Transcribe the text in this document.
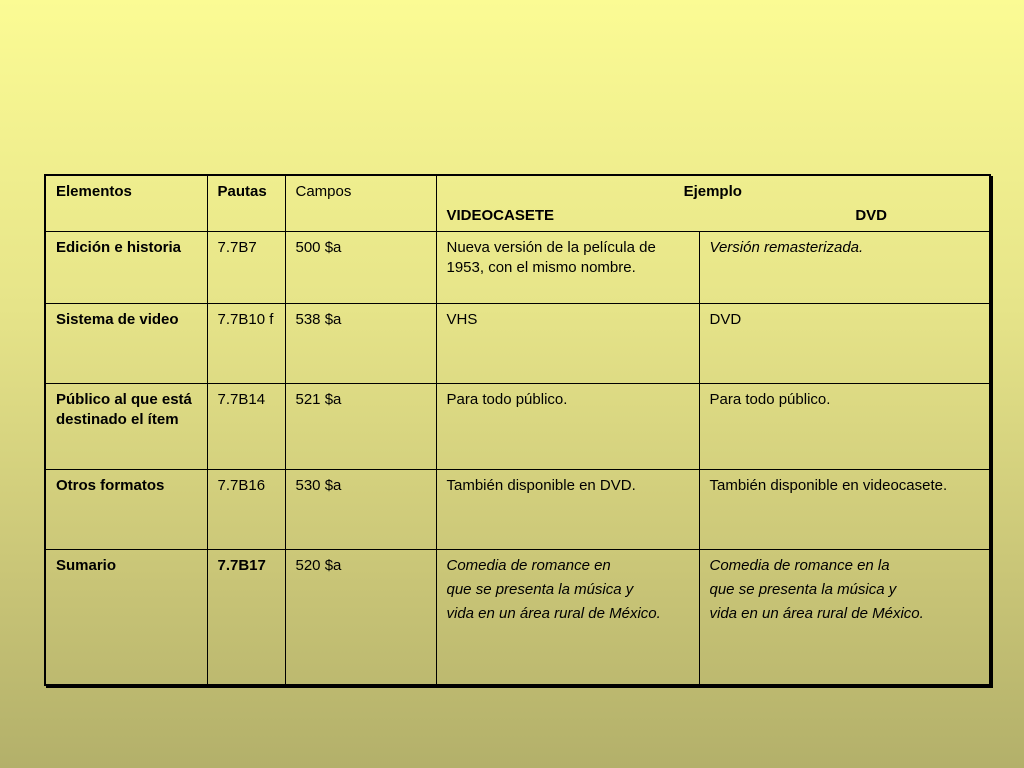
Elementos	Pautas	Campos	Ejemplo
VIDEOCASETE DVD	

Edición e historia	7.7B7	500 $a	Nueva versión de la película de 1953, con el mismo nombre.	Versión remasterizada.
Sistema de video	7.7B10 f	538 $a	VHS	DVD
Público al que está destinado el ítem	7.7B14	521 $a	Para todo público.	Para todo público.
Otros formatos	7.7B16	530 $a	También disponible en DVD.	También disponible en videocasete.
Sumario	7.7B17	520 $a	Comedia de romance en
que se presenta la música y
vida en un área rural de México.	Comedia de romance en la
que se presenta la música y
vida en un área rural de México.
